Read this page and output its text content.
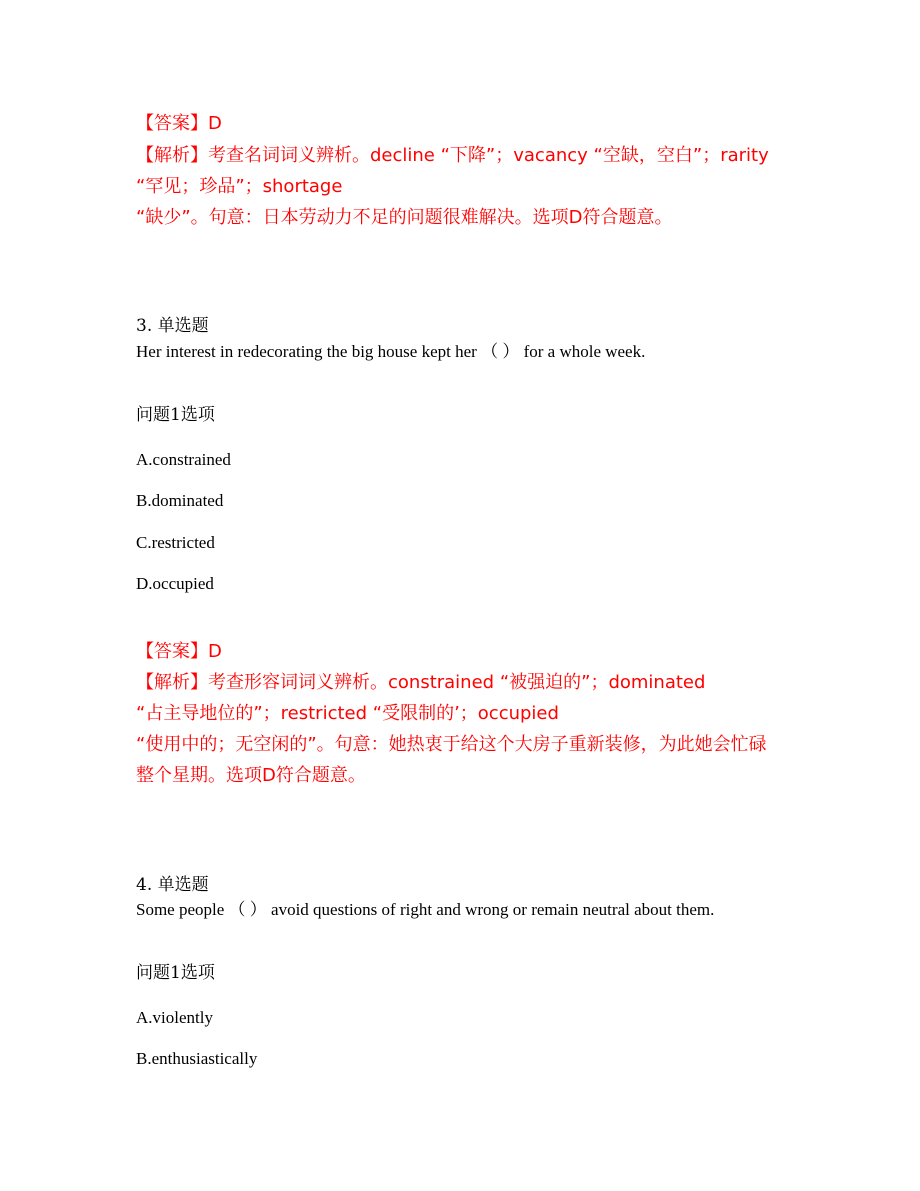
【答案】D
【解析】考查名词词义辨析。decline “下降”；vacancy “空缺，空白”；rarity
“罕见；珍品”；shortage
“缺少”。句意：日本劳动力不足的问题很难解决。选项D符合题意。
3. 单选题
Her interest in redecorating the big house kept her （ ） for a whole week.
问题1选项
A.constrained
B.dominated
C.restricted
D.occupied
【答案】D
【解析】考查形容词词义辨析。constrained “被强迫的”；dominated
“占主导地位的”；restricted “受限制的’；occupied
“使用中的；无空闲的”。句意：她热衷于给这个大房子重新装修，为此她会忙碌
整个星期。选项D符合题意。
4. 单选题
Some people （ ） avoid questions of right and wrong or remain neutral about them.
问题1选项
A.violently
B.enthusiastically
